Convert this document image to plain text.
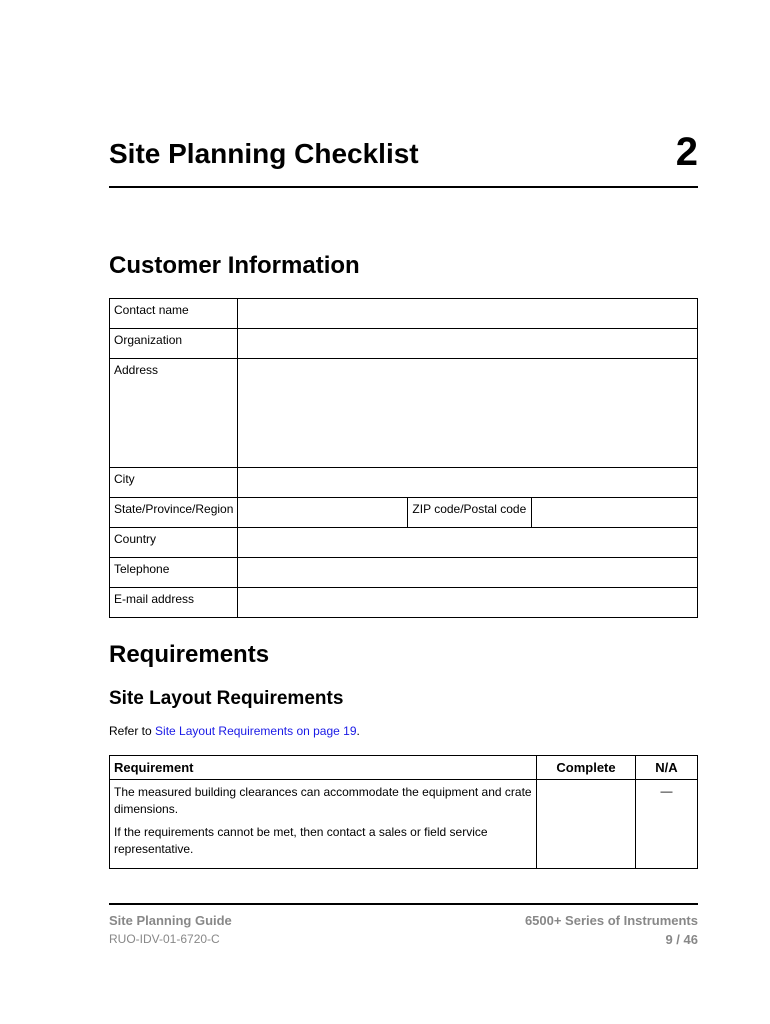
Site Planning Checklist	2
Customer Information
Contact name			
Organization			
Address			
City			
State/Province/Region		ZIP code/Postal code	
Country			
Telephone			
E-mail address			
Requirements
Site Layout Requirements
Refer to Site Layout Requirements on page 19.
Requirement	Complete	N/A

The measured building clearances can accommodate the equipment and crate dimensions.

If the requirements cannot be met, then contact a sales or field service representative.		—
Site Planning Guide
RUO-IDV-01-6720-C
6500+ Series of Instruments
9 / 46
